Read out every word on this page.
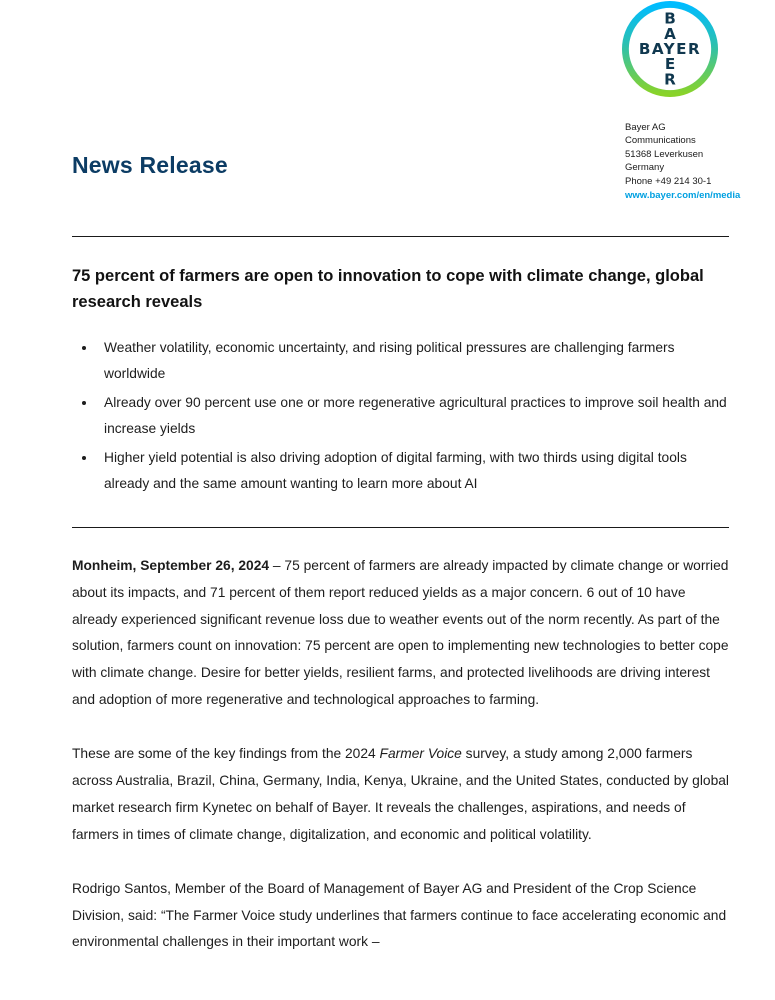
BAYER
B
A
E
R
Bayer AG
Communications
51368 Leverkusen
Germany
Phone +49 214 30-1
www.bayer.com/en/media
News Release
75 percent of farmers are open to innovation to cope with climate change, global research reveals
• Weather volatility, economic uncertainty, and rising political pressures are challenging farmers worldwide
• Already over 90 percent use one or more regenerative agricultural practices to improve soil health and increase yields
• Higher yield potential is also driving adoption of digital farming, with two thirds using digital tools already and the same amount wanting to learn more about AI

Monheim, September 26, 2024 – 75 percent of farmers are already impacted by climate change or worried about its impacts, and 71 percent of them report reduced yields as a major concern. 6 out of 10 have already experienced significant revenue loss due to weather events out of the norm recently. As part of the solution, farmers count on innovation: 75 percent are open to implementing new technologies to better cope with climate change. Desire for better yields, resilient farms, and protected livelihoods are driving interest and adoption of more regenerative and technological approaches to farming.

These are some of the key findings from the 2024 Farmer Voice survey, a study among 2,000 farmers across Australia, Brazil, China, Germany, India, Kenya, Ukraine, and the United States, conducted by global market research firm Kynetec on behalf of Bayer. It reveals the challenges, aspirations, and needs of farmers in times of climate change, digitalization, and economic and political volatility.

Rodrigo Santos, Member of the Board of Management of Bayer AG and President of the Crop Science Division, said: “The Farmer Voice study underlines that farmers continue to face accelerating economic and environmental challenges in their important work –
